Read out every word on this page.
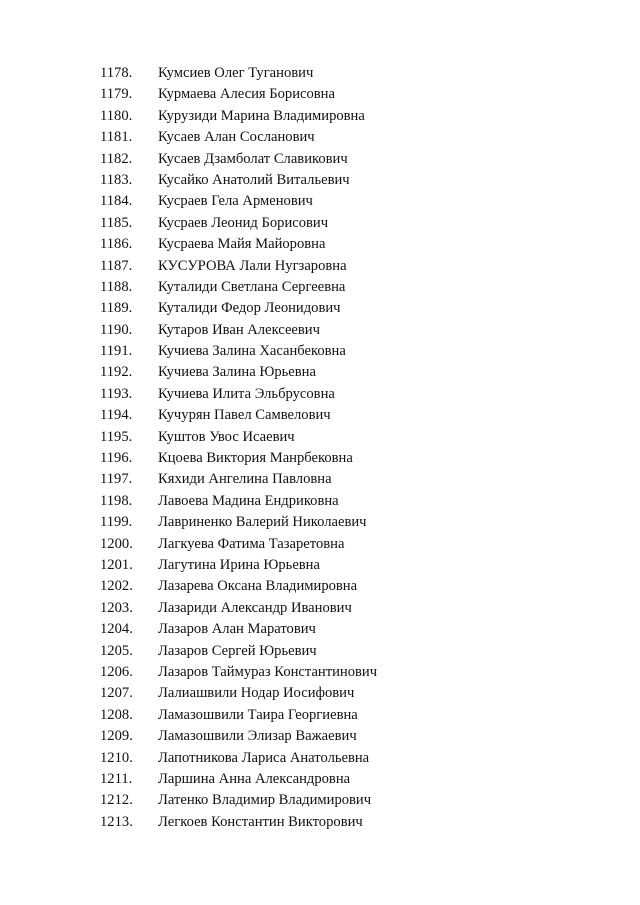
1178.	Кумсиев Олег Туганович
1179.	Курмаева Алесия Борисовна
1180.	Курузиди Марина Владимировна
1181.	Кусаев Алан Сосланович
1182.	Кусаев Дзамболат Славикович
1183.	Кусайко Анатолий Витальевич
1184.	Кусраев Гела Арменович
1185.	Кусраев Леонид Борисович
1186.	Кусраева Майя Майоровна
1187.	КУСУРОВА Лали Нугзаровна
1188.	Куталиди Светлана Сергеевна
1189.	Куталиди Федор Леонидович
1190.	Кутаров Иван Алексеевич
1191.	Кучиева Залина Хасанбековна
1192.	Кучиева Залина Юрьевна
1193.	Кучиева Илита Эльбрусовна
1194.	Кучурян Павел Самвелович
1195.	Куштов Увос Исаевич
1196.	Кцоева Виктория Манрбековна
1197.	Кяхиди Ангелина Павловна
1198.	Лавоева Мадина Ендриковна
1199.	Лавриненко Валерий Николаевич
1200.	Лагкуева Фатима Тазаретовна
1201.	Лагутина Ирина Юрьевна
1202.	Лазарева Оксана Владимировна
1203.	Лазариди Александр Иванович
1204.	Лазаров Алан Маратович
1205.	Лазаров Сергей Юрьевич
1206.	Лазаров Таймураз Константинович
1207.	Лалиашвили Нодар Иосифович
1208.	Ламазошвили Таира Георгиевна
1209.	Ламазошвили Элизар Важаевич
1210.	Лапотникова Лариса Анатольевна
1211.	Ларшина Анна Александровна
1212.	Латенко Владимир Владимирович
1213.	Легкоев Константин Викторович
